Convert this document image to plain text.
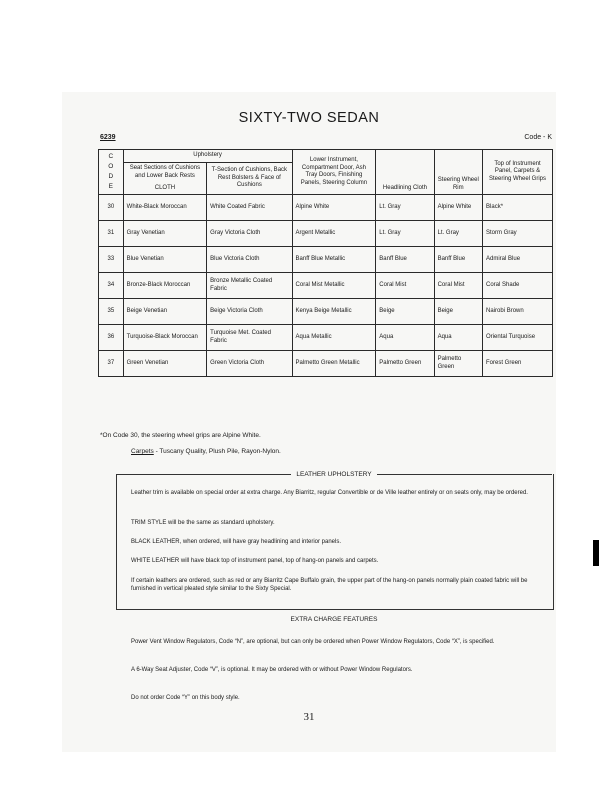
SIXTY-TWO SEDAN
6239	Code - K
C
O
D
E	Upholstery		Lower Instrument, Compartment Door, Ash Tray Doors, Finishing Panels, Steering Column	Headlining Cloth	Steering Wheel Rim	Top of Instrument Panel, Carpets & Steering Wheel Grips
	Seat Sections of Cushions and Lower Back Rests	T-Section of Cushions, Back Rest Bolsters & Face of Cushions				
	CLOTH					
30	White-Black Moroccan	White Coated Fabric	Alpine White	Lt. Gray	Alpine White	Black*
31	Gray Venetian	Gray Victoria Cloth	Argent Metallic	Lt. Gray	Lt. Gray	Storm Gray
33	Blue Venetian	Blue Victoria Cloth	Banff Blue Metallic	Banff Blue	Banff Blue	Admiral Blue
34	Bronze-Black Moroccan	Bronze Metallic Coated Fabric	Coral Mist Metallic	Coral Mist	Coral Mist	Coral Shade
35	Beige Venetian	Beige Victoria Cloth	Kenya Beige Metallic	Beige	Beige	Nairobi Brown
36	Turquoise-Black Moroccan	Turquoise Met. Coated Fabric	Aqua Metallic	Aqua	Aqua	Oriental Turquoise
37	Green Venetian	Green Victoria Cloth	Palmetto Green Metallic	Palmetto Green	Palmetto Green	Forest Green
*On Code 30, the steering wheel grips are Alpine White.
Carpets - Tuscany Quality, Plush Pile, Rayon-Nylon.
LEATHER UPHOLSTERY
Leather trim is available on special order at extra charge. Any Biarritz, regular Convertible or de Ville leather entirely or on seats only, may be ordered.
TRIM STYLE will be the same as standard upholstery.
BLACK LEATHER, when ordered, will have gray headlining and interior panels.
WHITE LEATHER will have black top of instrument panel, top of hang-on panels and carpets.
If certain leathers are ordered, such as red or any Biarritz Cape Buffalo grain, the upper part of the hang-on panels normally plain coated fabric will be furnished in vertical pleated style similar to the Sixty Special.
EXTRA CHARGE FEATURES
Power Vent Window Regulators, Code “N”, are optional, but can only be ordered when Power Window Regulators, Code “X”, is specified.
A 6-Way Seat Adjuster, Code “V”, is optional. It may be ordered with or without Power Window Regulators.
Do not order Code “Y” on this body style.
31
